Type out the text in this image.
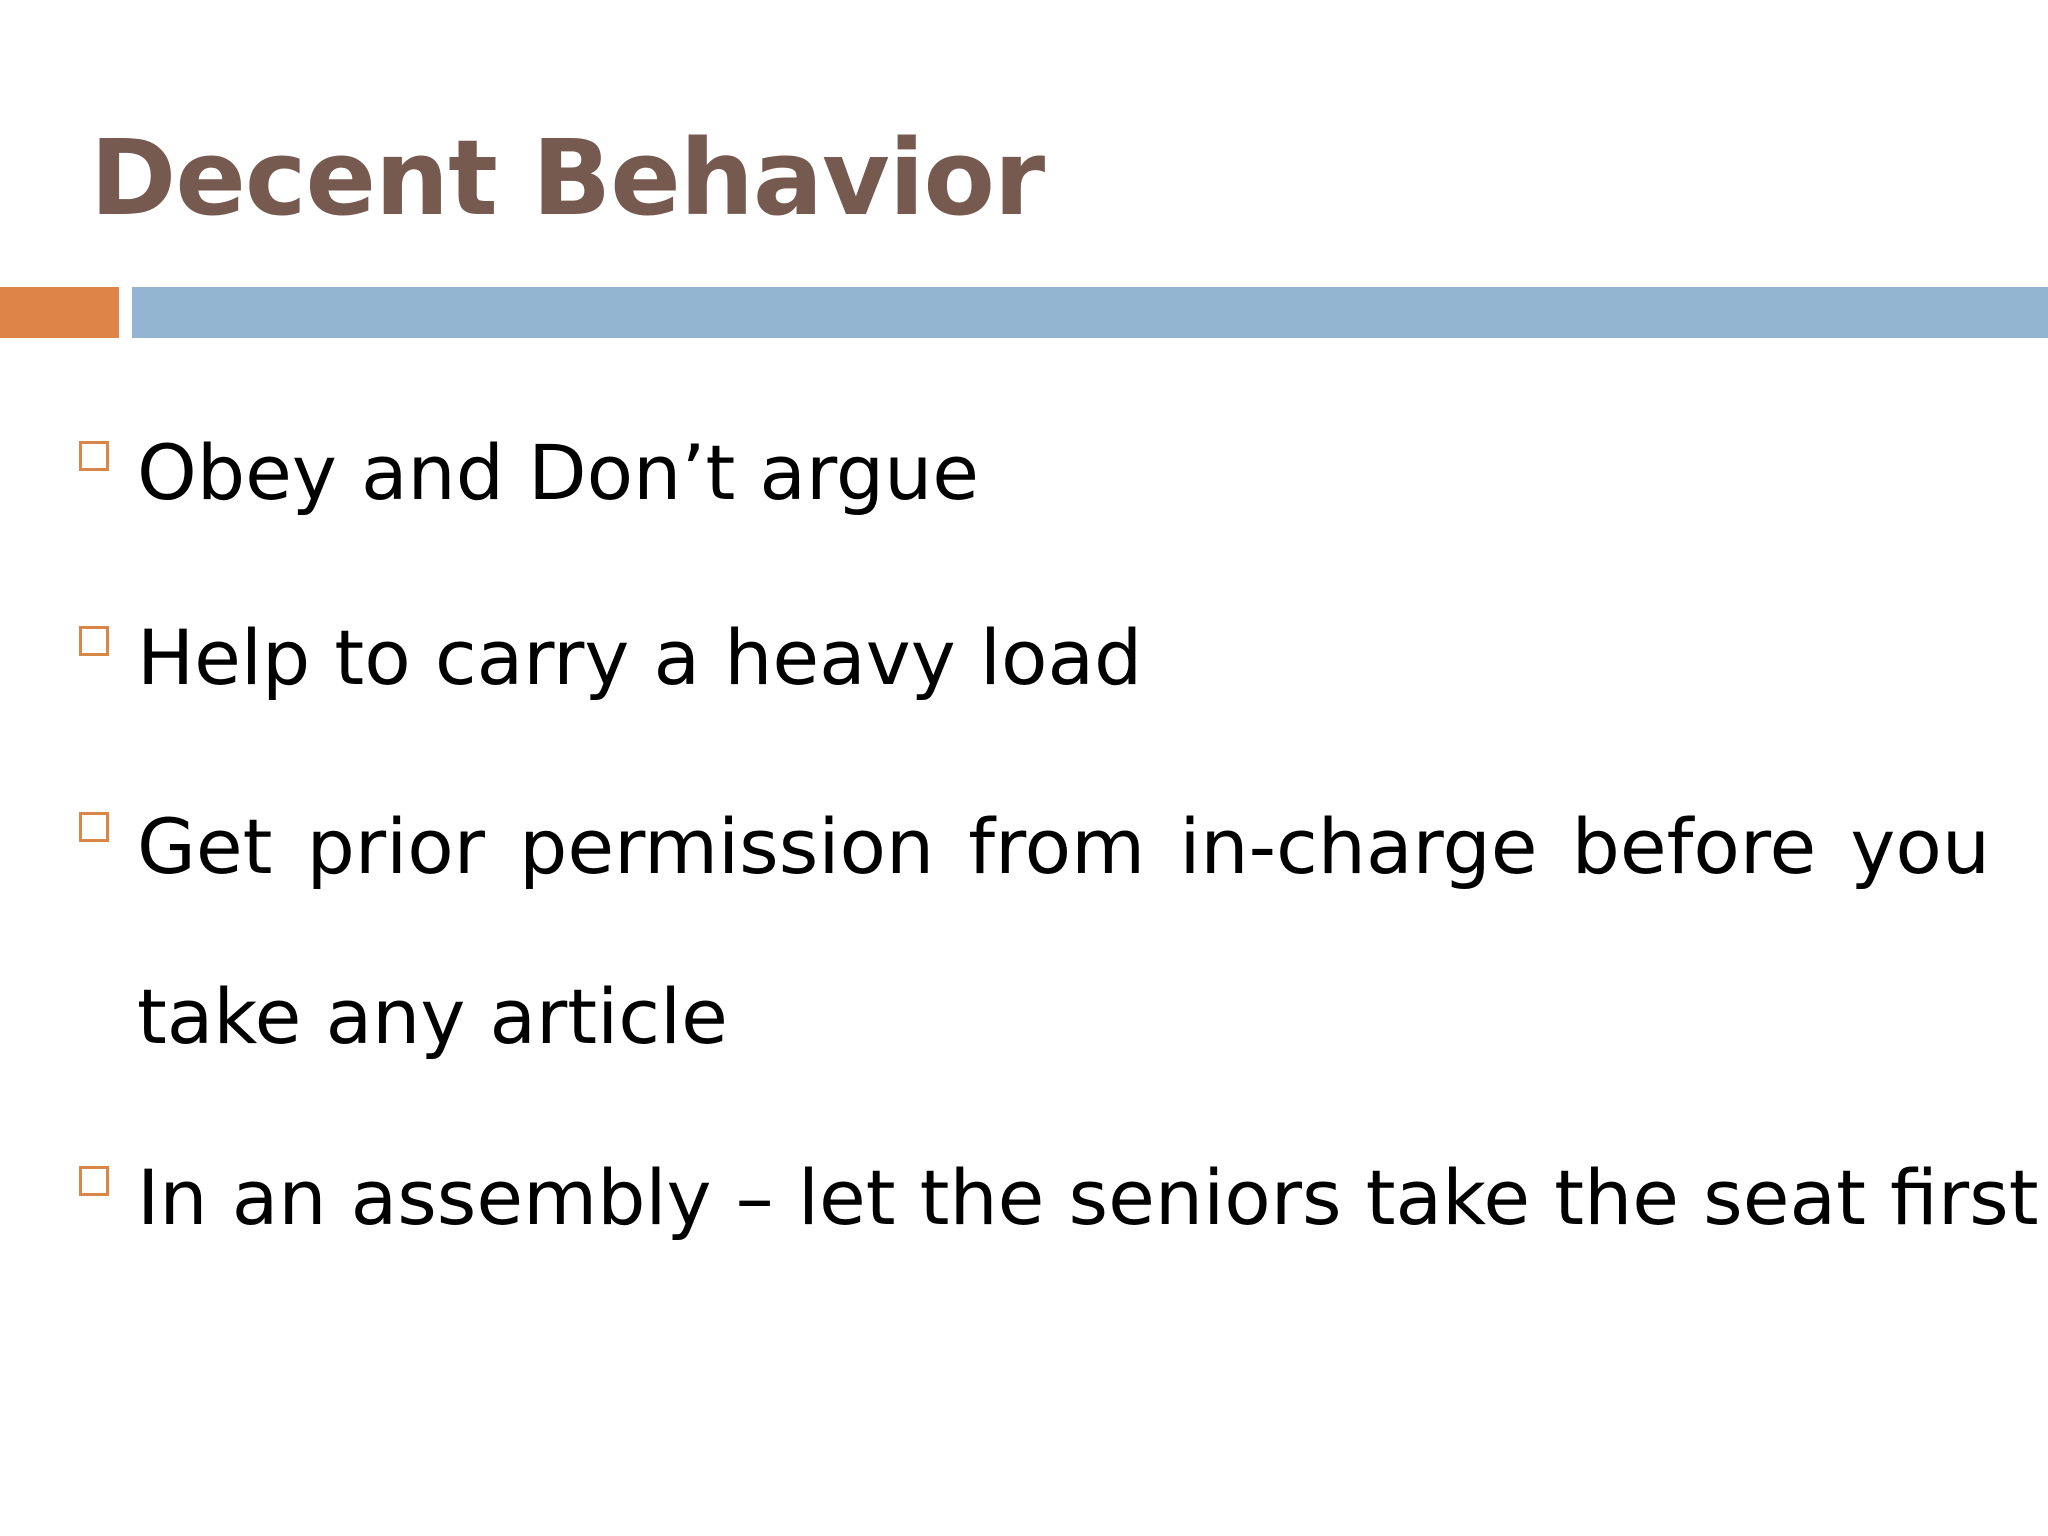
Decent Behavior
Obey and Don’t argue
Help to carry a heavy load
Get prior permission from in-charge before you take any article
In an assembly – let the seniors take the seat first
